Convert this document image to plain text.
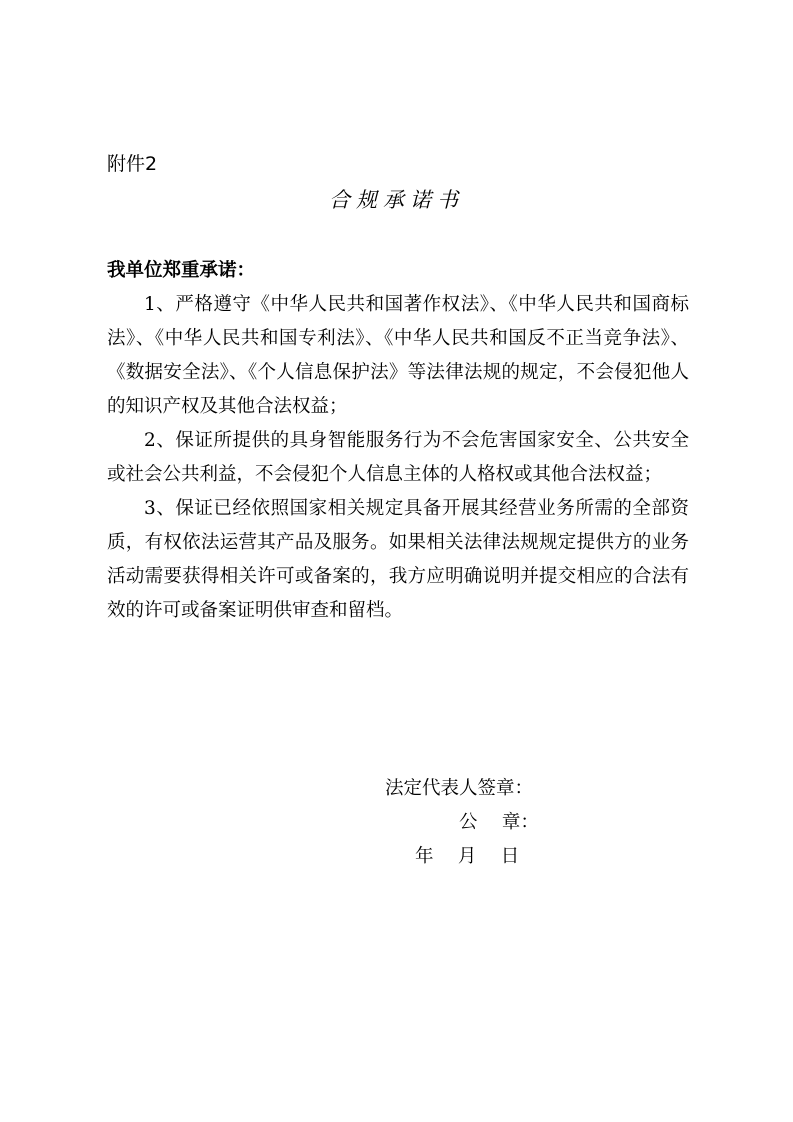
附件2
合规承诺书

我单位郑重承诺：

1、严格遵守《中华人民共和国著作权法》、《中华人民共和国商标法》、《中华人民共和国专利法》、《中华人民共和国反不正当竞争法》、《数据安全法》、《个人信息保护法》等法律法规的规定，不会侵犯他人的知识产权及其他合法权益；

2、保证所提供的具身智能服务行为不会危害国家安全、公共安全或社会公共利益，不会侵犯个人信息主体的人格权或其他合法权益；

3、保证已经依照国家相关规定具备开展其经营业务所需的全部资质，有权依法运营其产品及服务。如果相关法律法规规定提供方的业务活动需要获得相关许可或备案的，我方应明确说明并提交相应的合法有效的许可或备案证明供审查和留档。

法定代表人签章：
公　 章：
年　 月　 日
